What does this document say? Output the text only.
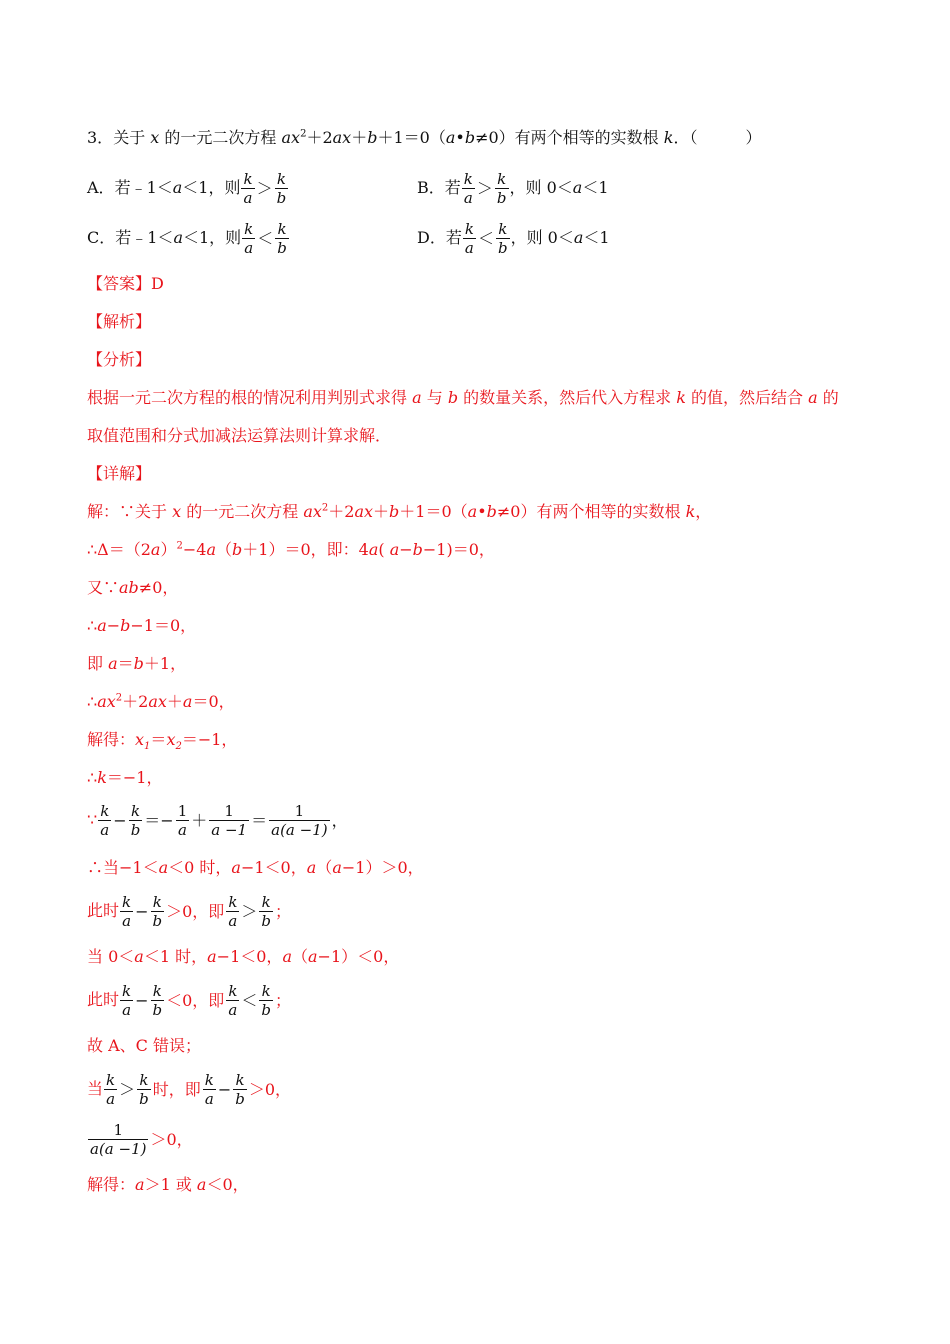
3．关于 x 的一元二次方程 $ax^2+2ax+b+1=0(a•b\ne 0)$有两个相等的实数根 k．（　　　）
A．若﹣1＜a＜1，则 $\frac{k}{a} > \frac{k}{b}$	B．若 $\frac{k}{a} > \frac{k}{b}$ ，则 0＜a＜1
C．若﹣1＜a＜1，则 $\frac{k}{a} < \frac{k}{b}$	D．若 $\frac{k}{a} < \frac{k}{b}$ ，则 0＜a＜1
【答案】D
【解析】
【分析】
根据一元二次方程的根的情况利用判别式求得 a 与 b 的数量关系，然后代入方程求 k 的值，然后结合 a 的
取值范围和分式加减法运算法则计算求解．
【详解】
解：∵关于 x 的一元二次方程 $ax^2+2ax+b+1=0(a•b\ne 0)$有两个相等的实数根 k，
$\therefore\Delta=(2a)^2-4a(b+1)=0$，即：4a( a−b−1)＝0，
又∵ab≠0，
∴a−b−1＝0，
即 a＝b＋1，
$\therefore ax^2+2ax+a=0$，
解得：$x_1=x_2=-1$，
∴k＝−1，
∵ $\frac{k}{a} - \frac{k}{b} =- \frac{1}{a} + \frac{1}{a -1} = \frac{1}{a(a -1)}$ ，
∴当−1＜a＜0 时，a−1＜0，a（a−1）＞0，
此时 $\frac{k}{a} - \frac{k}{b} >0$，即 $\frac{k}{a} > \frac{k}{b}$ ；
当 0＜a＜1 时，a−1＜0，a（a−1）＜0，
此时 $\frac{k}{a} - \frac{k}{b} <0$，即 $\frac{k}{a} < \frac{k}{b}$ ；
故 A、C 错误；
当 $\frac{k}{a} > \frac{k}{b}$ 时，即 $\frac{k}{a} - \frac{k}{b} >0$，
$\frac{1}{a(a -1)} >0$，
解得：a＞1 或 a＜0，
